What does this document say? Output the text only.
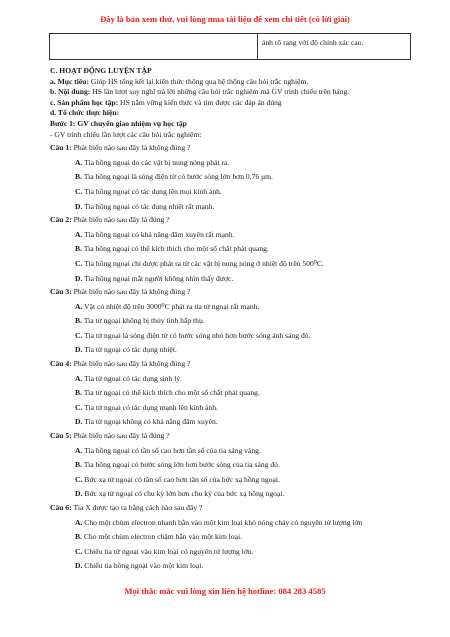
Đây là bản xem thử, vui lòng mua tài liệu để xem chi tiết (có lời giải)
ảnh rõ rang với độ chính xác cao.

C. HOẠT ĐỘNG LUYỆN TẬP

a. Mục tiêu: Giúp HS tổng kết lại kiến thức thông qua hệ thống câu hỏi trắc nghiệm.

b. Nội dung: HS lần lượt suy nghĩ trả lời những câu hỏi trắc nghiệm mà GV trình chiếu trên bảng.

c. Sản phẩm học tập: HS nắm vững kiến thức và tìm được các đáp án đúng

d. Tổ chức thực hiện:

Bước 1: GV chuyển giao nhiệm vụ học tập

- GV trình chiếu lần lượt các câu hỏi trắc nghiệm:

Câu 1: Phát biểu nào sau đây là không đúng ?
A. Tia hồng ngoại do các vật bị nung nóng phát ra.
B. Tia hồng ngoại là sóng điện từ có bước sóng lớn hơn 0,76 μm.
C. Tia hồng ngoại có tác dụng lên mọi kính ảnh.
D. Tia hồng ngoại có tác dụng nhiệt rất mạnh.
Câu 2: Phát biểu nào sau đây là đúng ?
A. Tia hồng ngoại có khả năng đâm xuyên rất mạnh.
B. Tia hồng ngoại có thể kích thích cho một số chất phát quang.
C. Tia hồng ngoại chỉ được phát ra từ các vật bị nung nóng ở nhiệt độ trên 500⁰C.
D. Tia hồng ngoại mắt người không nhìn thấy được.
Câu 3: Phát biểu nào sau đây là không đúng ?
A. Vật có nhiệt độ trên 3000⁰C phát ra tia tử ngoại rất mạnh.
B. Tia tử ngoại không bị thủy tinh hấp thụ.
C. Tia tử ngoại là sóng điện từ có bước sóng nhỏ hơn bước sóng ánh sáng đỏ.
D. Tia tử ngoại có tác dụng nhiệt.
Câu 4: Phát biểu nào sau đây là không đúng ?
A. Tia tử ngoại có tác dụng sinh lý.
B. Tia tử ngoại có thể kích thích cho một số chất phát quang.
C. Tia tử ngoại có tác dụng mạnh lên kính ảnh.
D. Tia tử ngoại không có khả năng đâm xuyên.
Câu 5: Phát biểu nào sau đây là đúng ?
A. Tia hồng ngoại có tần số cao hơn tần số của tia sáng vàng.
B. Tia hồng ngoại có bước sóng lớn hơn bước sóng của tia sáng đỏ.
C. Bức xạ tử ngoại có tần số cao hơn tần số của bức xạ hồng ngoại.
D. Bức xạ tử ngoại có chu kỳ lớn hơn chu kỳ của bức xạ hồng ngoại.
Câu 6: Tia X được tạo ra bằng cách nào sau đây ?
A. Cho một chùm electron nhanh bắn vào một kim loại khó nóng chảy có nguyên tử lượng lớn
B. Cho một chùm electron chậm bắn vào một kim loại.
C. Chiếu tia tử ngoại vào kim loại có nguyên tử lượng lớn.
D. Chiếu tia hồng ngoại vào một kim loại.
Mọi thắc mắc vui lòng xin liên hệ hotline: 084 283 4585
